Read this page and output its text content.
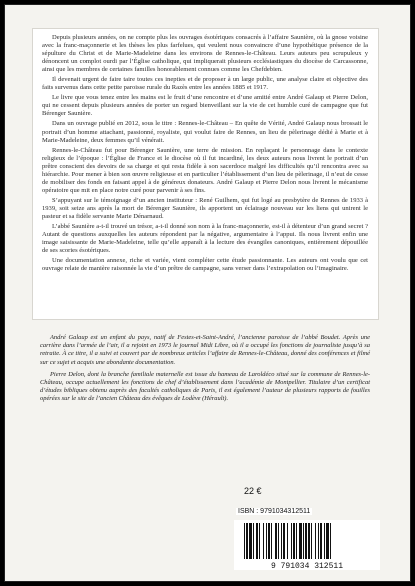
Depuis plusieurs années, on ne compte plus les ouvrages ésotériques consacrés à l’affaire Saunière, où la gnose voisine avec la franc-maçonnerie et les thèses les plus farfelues, qui veulent nous convaincre d’une hypothétique présence de la sépulture du Christ et de Marie-Madeleine dans les environs de Rennes-le-Château. Leurs auteurs peu scrupuleux y dénoncent un complot ourdi par l’Église catholique, qui impliquerait plusieurs ecclésiastiques du diocèse de Carcassonne, ainsi que les membres de certaines familles honorablement connues comme les Chefdebien.

Il devenait urgent de faire taire toutes ces inepties et de proposer à un large public, une analyse claire et objective des faits survenus dans cette petite paroisse rurale du Razès entre les années 1885 et 1917.

Le livre que vous tenez entre les mains est le fruit d’une rencontre et d’une amitié entre André Galaup et Pierre Delon, qui ne cessent depuis plusieurs années de porter un regard bienveillant sur la vie de cet humble curé de campagne que fut Bérenger Saunière.

Dans un ouvrage publié en 2012, sous le titre : Rennes-le-Château – En quête de Vérité, André Galaup nous brossait le portrait d’un homme attachant, passionné, royaliste, qui voulut faire de Rennes, un lieu de pèlerinage dédié à Marie et à Marie-Madeleine, deux femmes qu’il vénérait.

Rennes-le-Château fut pour Bérenger Saunière, une terre de mission. En replaçant le personnage dans le contexte religieux de l’époque : l’Église de France et le diocèse où il fut incardiné, les deux auteurs nous livrent le portrait d’un prêtre conscient des devoirs de sa charge et qui resta fidèle à son sacerdoce malgré les difficultés qu’il rencontra avec sa hiérarchie. Pour mener à bien son œuvre religieuse et en particulier l’établissement d’un lieu de pèlerinage, il n’eut de cesse de mobiliser des fonds en faisant appel à de généreux donateurs. André Galaup et Pierre Delon nous livrent le mécanisme opératoire que mit en place notre curé pour parvenir à ses fins.

S’appuyant sur le témoignage d’un ancien instituteur : René Guilhem, qui fut logé au presbytère de Rennes de 1933 à 1939, soit seize ans après la mort de Bérenger Saunière, ils apportent un éclairage nouveau sur les liens qui unirent le pasteur et sa fidèle servante Marie Dénarnaud.

L’abbé Saunière a-t-il trouvé un trésor, a-t-il donné son nom à la franc-maçonnerie, est-il à détenteur d’un grand secret ? Autant de questions auxquelles les auteurs répondent par la négative, argumentaire à l’appui. Ils nous livrent enfin une image saisissante de Marie-Madeleine, telle qu’elle apparaît à la lecture des évangiles canoniques, entièrement dépouillée de ses scories ésotériques.

Une documentation annexe, riche et variée, vient compléter cette étude passionnante. Les auteurs ont voulu que cet ouvrage relate de manière raisonnée la vie d’un prêtre de campagne, sans verser dans l’extrapolation ou l’imaginaire.

André Galaup est un enfant du pays, natif de Festes-et-Saint-André, l’ancienne paroisse de l’abbé Boudet. Après une carrière dans l’armée de l’air, il a rejoint en 1973 le journal Midi Libre, où il a occupé les fonctions de journaliste jusqu’à sa retraite. À ce titre, il a suivi et couvert par de nombreux articles l’affaire de Rennes-le-Château, donné des conférences et filmé sur ce sujet et acquis une abondante documentation.

Pierre Delon, dont la branche familiale maternelle est issue du hameau de Laroldéco situé sur la commune de Rennes-le-Château, occupe actuellement les fonctions de chef d’établissement dans l’académie de Montpellier. Titulaire d’un certificat d’études bibliques obtenu auprès des facultés catholiques de Paris, il est également l’auteur de plusieurs rapports de fouilles opérées sur le site de l’ancien Château des évêques de Lodève (Hérault).

22 €
ISBN : 9791034312511
9 791034 312511
